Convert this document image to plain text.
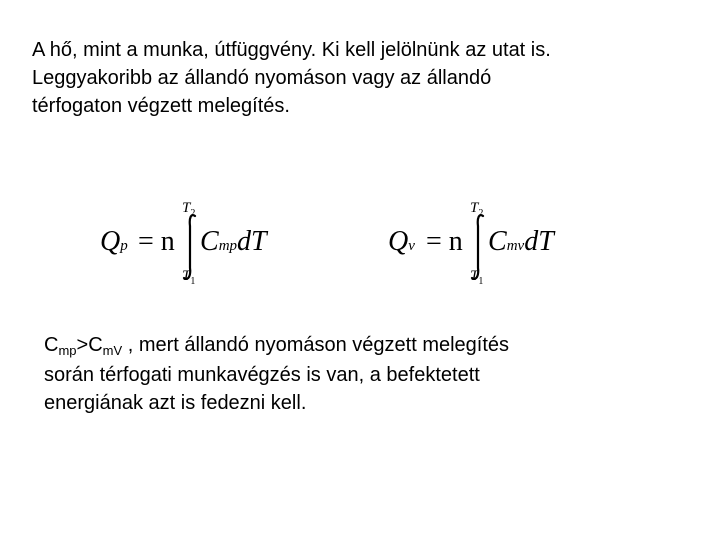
A hő, mint a munka, útfüggvény. Ki kell jelölnünk az utat is.
Leggyakoribb az állandó nyomáson vagy az állandó
térfogaton végzett melegítés.
Qp = n
$T_2$
$T_1$
CmpdT	Qv = n
$T_2$
$T_1$
CmvdT
$C_{mp}>C_{mV}$ , mert állandó nyomáson végzett melegítés
során térfogati munkavégzés is van, a befektetett
energiának azt is fedezni kell.
